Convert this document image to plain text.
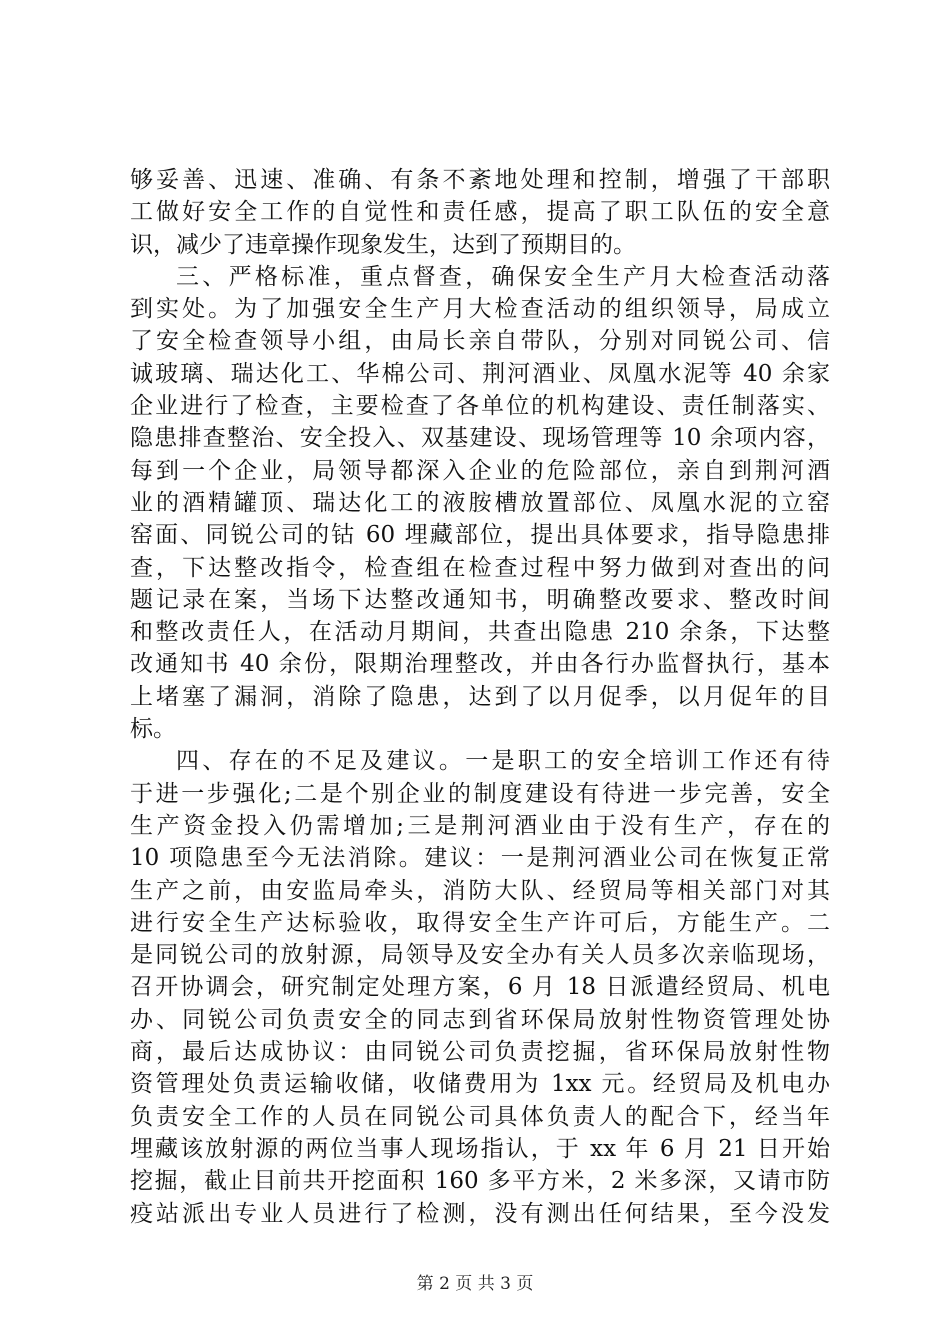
够妥善、迅速、准确、有条不紊地处理和控制，增强了干部职
工做好安全工作的自觉性和责任感，提高了职工队伍的安全意
识，减少了违章操作现象发生，达到了预期目的。
三、严格标准，重点督查，确保安全生产月大检查活动落
到实处。为了加强安全生产月大检查活动的组织领导，局成立
了安全检查领导小组，由局长亲自带队，分别对同锐公司、信
诚玻璃、瑞达化工、华棉公司、荆河酒业、凤凰水泥等 40 余家
企业进行了检查，主要检查了各单位的机构建设、责任制落实、
隐患排查整治、安全投入、双基建设、现场管理等 10 余项内容，
每到一个企业，局领导都深入企业的危险部位，亲自到荆河酒
业的酒精罐顶、瑞达化工的液胺槽放置部位、凤凰水泥的立窑
窑面、同锐公司的钴 60 埋藏部位，提出具体要求，指导隐患排
查，下达整改指令，检查组在检查过程中努力做到对查出的问
题记录在案，当场下达整改通知书，明确整改要求、整改时间
和整改责任人，在活动月期间，共查出隐患 210 余条，下达整
改通知书 40 余份，限期治理整改，并由各行办监督执行，基本
上堵塞了漏洞，消除了隐患，达到了以月促季，以月促年的目
标。
四、存在的不足及建议。一是职工的安全培训工作还有待
于进一步强化;二是个别企业的制度建设有待进一步完善，安全
生产资金投入仍需增加;三是荆河酒业由于没有生产，存在的
10 项隐患至今无法消除。建议：一是荆河酒业公司在恢复正常
生产之前，由安监局牵头，消防大队、经贸局等相关部门对其
进行安全生产达标验收，取得安全生产许可后，方能生产。二
是同锐公司的放射源，局领导及安全办有关人员多次亲临现场，
召开协调会，研究制定处理方案，6 月 18 日派遣经贸局、机电
办、同锐公司负责安全的同志到省环保局放射性物资管理处协
商，最后达成协议：由同锐公司负责挖掘，省环保局放射性物
资管理处负责运输收储，收储费用为 1xx 元。经贸局及机电办
负责安全工作的人员在同锐公司具体负责人的配合下，经当年
埋藏该放射源的两位当事人现场指认，于 xx 年 6 月 21 日开始
挖掘，截止目前共开挖面积 160 多平方米，2 米多深，又请市防
疫站派出专业人员进行了检测，没有测出任何结果，至今没发
第 2 页 共 3 页
